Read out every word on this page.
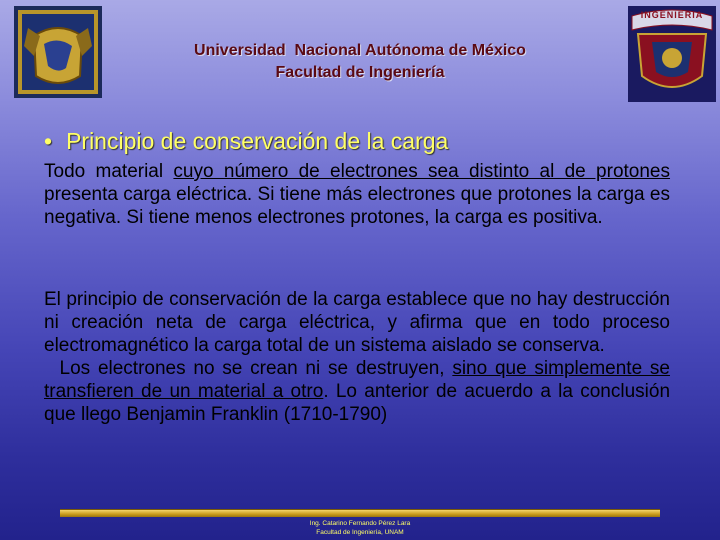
Universidad  Nacional Autónoma de México
Facultad de Ingeniería
INGENIERIA
• Principio de conservación de la carga
Todo material cuyo número de electrones sea distinto al de protones presenta carga eléctrica. Si tiene más electrones que protones la carga es negativa. Si tiene menos electrones protones, la carga es positiva.
El principio de conservación de la carga establece que no hay destrucción ni creación neta de carga eléctrica, y afirma que en todo proceso electromagnético la carga total de un sistema aislado se conserva.
Los electrones no se crean ni se destruyen, sino que simplemente se transfieren de un material a otro. Lo anterior de acuerdo a la conclusión que llego Benjamin Franklin (1710-1790)
Ing. Catarino Fernando Pérez Lara
Facultad de Ingeniería, UNAM
